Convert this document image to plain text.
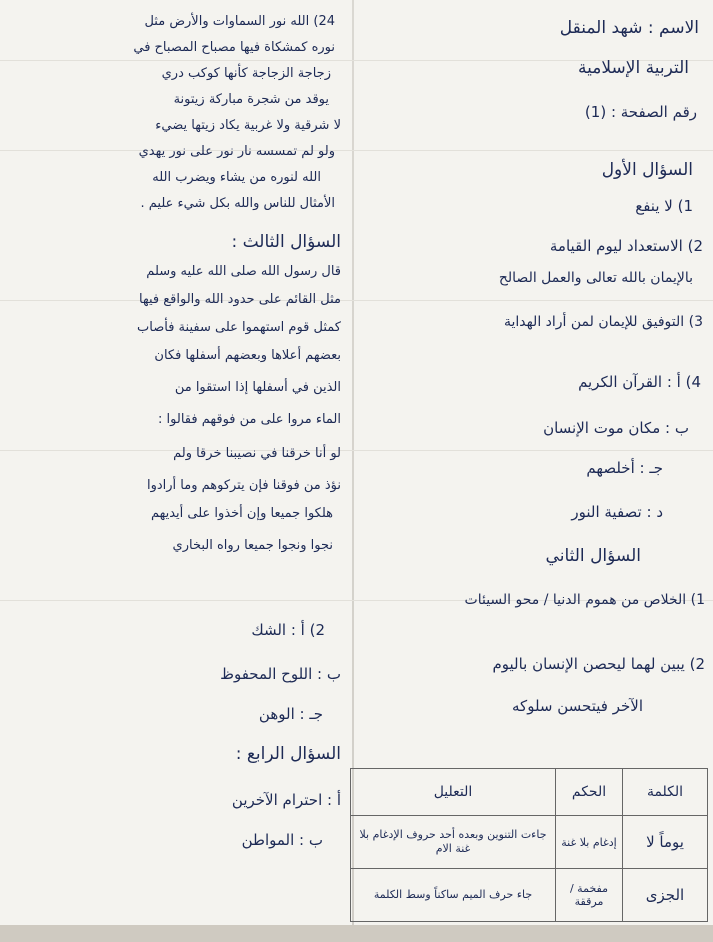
الاسم : شهد المنقل
التربية الإسلامية
رقم الصفحة : (1)
السؤال الأول
1) لا ينفع
2) الاستعداد ليوم القيامة
بالإيمان بالله تعالى والعمل الصالح
3) التوفيق للإيمان لمن أراد الهداية
4) أ : القرآن الكريم
ب : مكان موت الإنسان
جـ : أخلصهم
د : تصفية النور
السؤال الثاني
1) الخلاص من هموم الدنيا / محو السيئات
2) يبين لهما ليحصن الإنسان باليوم
الآخر فيتحسن سلوكه
24) الله نور السماوات والأرض مثل
نوره كمشكاة فيها مصباح المصباح في
زجاجة الزجاجة كأنها كوكب دري
يوقد من شجرة مباركة زيتونة
لا شرقية ولا غربية يكاد زيتها يضيء
ولو لم تمسسه نار نور على نور يهدي
الله لنوره من يشاء ويضرب الله
الأمثال للناس والله بكل شيء عليم .
السؤال الثالث :
قال رسول الله صلى الله عليه وسلم
مثل القائم على حدود الله والواقع فيها
كمثل قوم استهموا على سفينة فأصاب
بعضهم أعلاها وبعضهم أسفلها فكان
الذين في أسفلها إذا استقوا من
الماء مروا على من فوقهم فقالوا :
لو أنا خرقنا في نصيبنا خرقا ولم
نؤذ من فوقنا فإن يتركوهم وما أرادوا
هلكوا جميعا وإن أخذوا على أيديهم
نجوا ونجوا جميعا رواه البخاري
2) أ : الشك
ب : اللوح المحفوظ
جـ : الوهن
السؤال الرابع :
أ : احترام الآخرين
ب : المواطن
الكلمة	الحكم	التعليل
يوماً لا	إدغام بلا غنة	جاءت التنوين وبعده أحد حروف الإدغام بلا غنة الام
الجزى	مفخمة / مرققة	جاء حرف الميم ساكناً وسط الكلمة
